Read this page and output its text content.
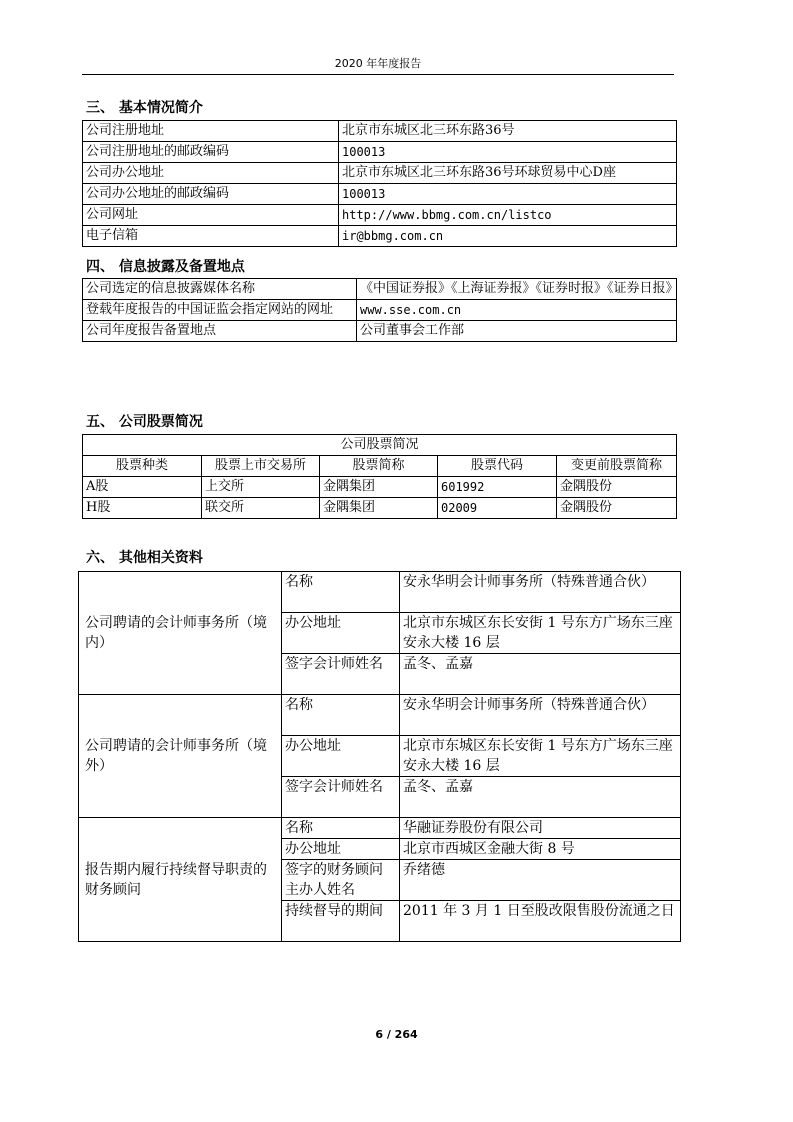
2020 年年度报告
三、 基本情况简介
公司注册地址	北京市东城区北三环东路36号
公司注册地址的邮政编码	100013
公司办公地址	北京市东城区北三环东路36号环球贸易中心D座
公司办公地址的邮政编码	100013
公司网址	http://www.bbmg.com.cn/listco
电子信箱	ir@bbmg.com.cn
四、 信息披露及备置地点
公司选定的信息披露媒体名称	《中国证券报》《上海证券报》《证券时报》《证券日报》
登载年度报告的中国证监会指定网站的网址	www.sse.com.cn
公司年度报告备置地点	公司董事会工作部
五、 公司股票简况
公司股票简况				
股票种类	股票上市交易所	股票简称	股票代码	变更前股票简称
A股	上交所	金隅集团	601992	金隅股份
H股	联交所	金隅集团	02009	金隅股份
六、 其他相关资料
公司聘请的会计师事务所（境内）	名称	安永华明会计师事务所（特殊普通合伙）
	办公地址	北京市东城区东长安街 1 号东方广场东三座安永大楼 16 层
	签字会计师姓名	孟冬、孟嘉
公司聘请的会计师事务所（境外）	名称	安永华明会计师事务所（特殊普通合伙）
	办公地址	北京市东城区东长安街 1 号东方广场东三座安永大楼 16 层
	签字会计师姓名	孟冬、孟嘉
报告期内履行持续督导职责的财务顾问	名称	华融证券股份有限公司
	办公地址	北京市西城区金融大街 8 号
	签字的财务顾问主办人姓名	乔绪德
	持续督导的期间	2011 年 3 月 1 日至股改限售股份流通之日
6 / 264
